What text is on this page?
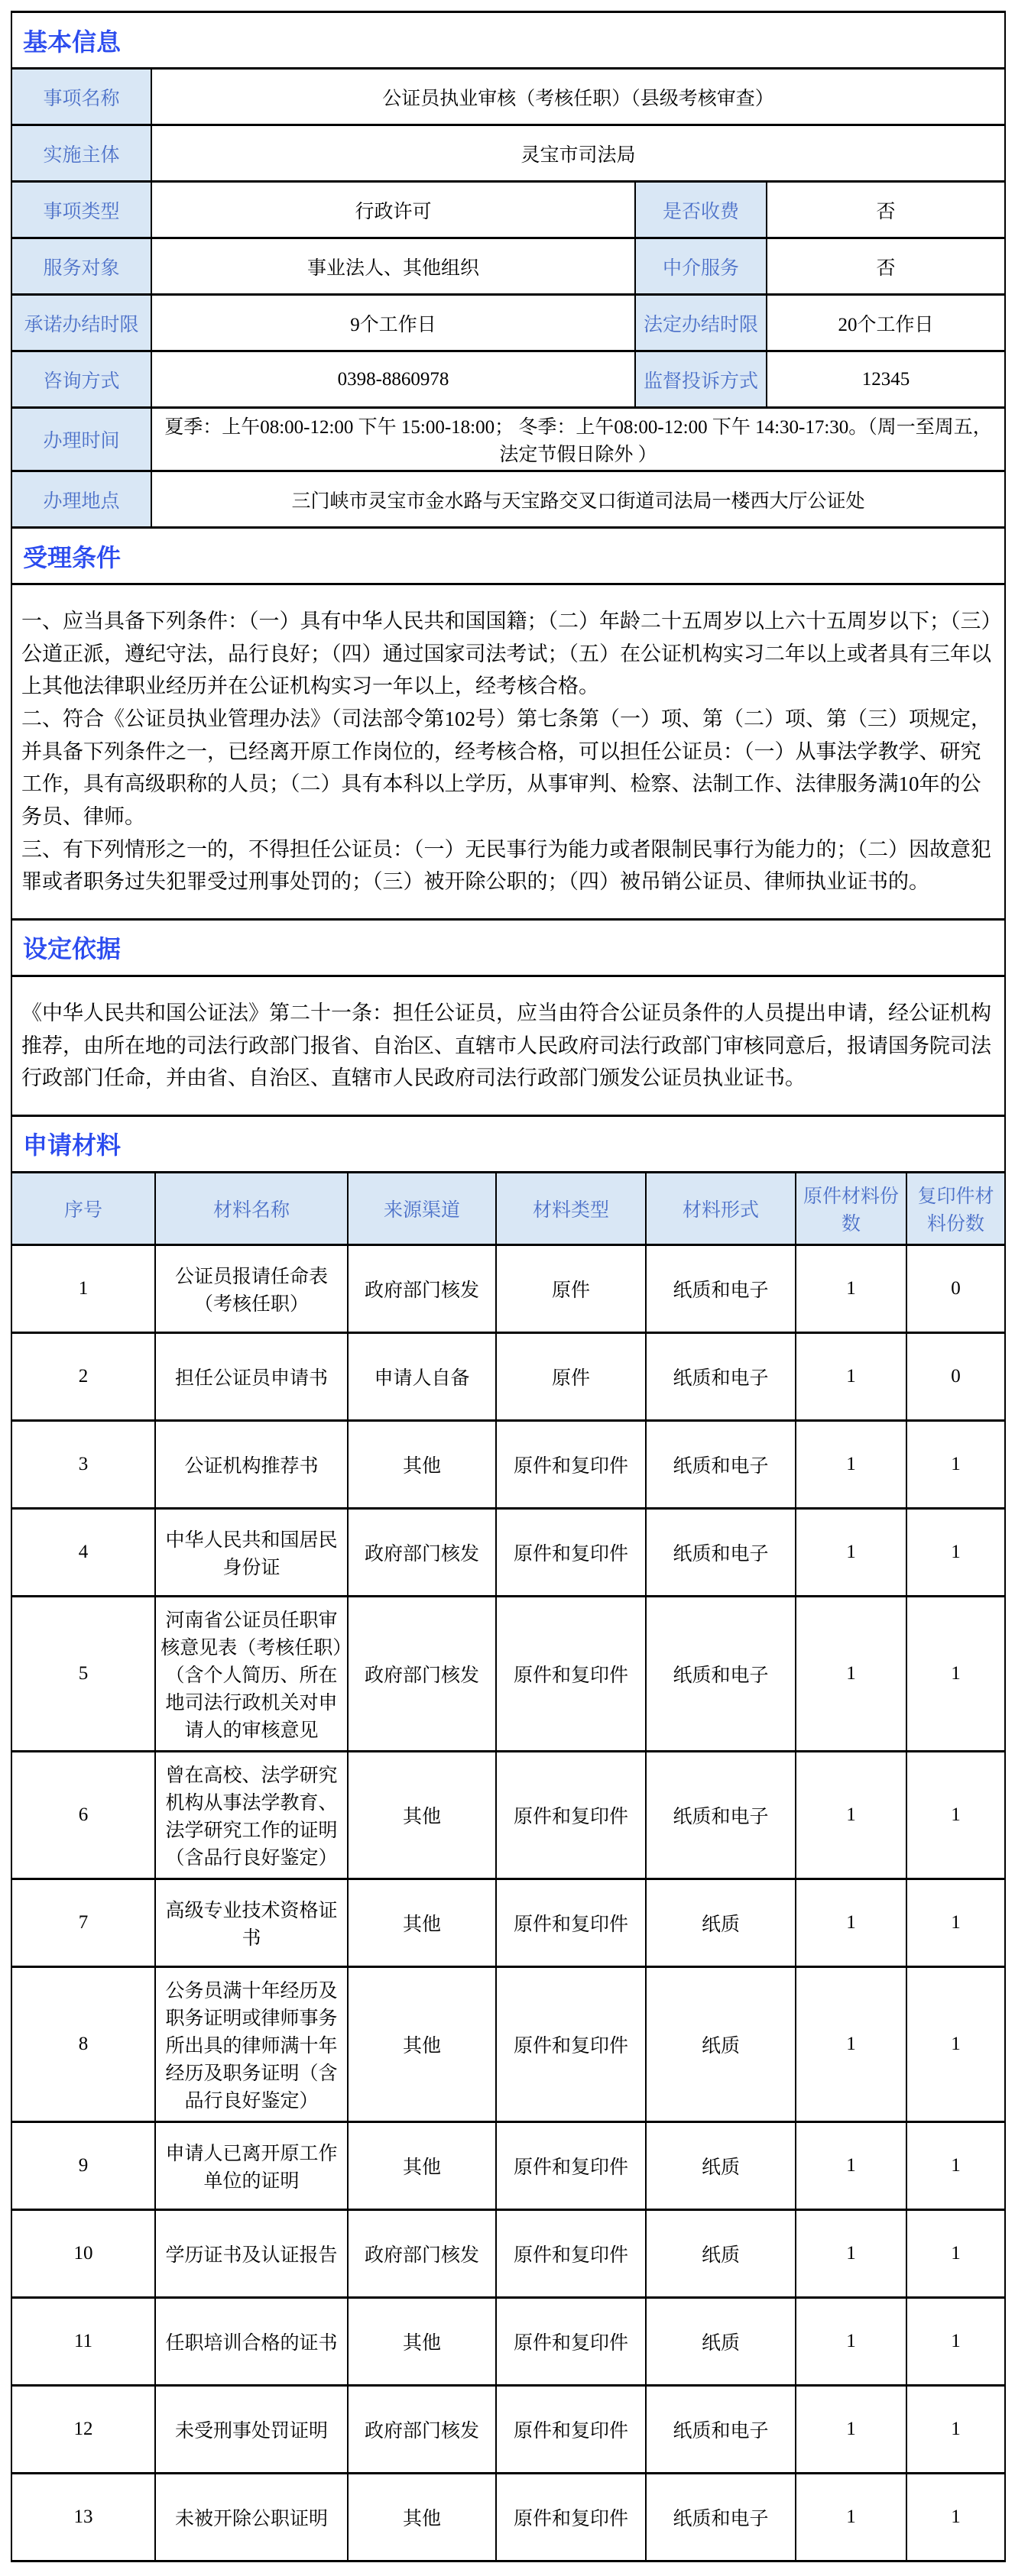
基本信息			
事项名称	公证员执业审核（考核任职）（县级考核审查）		
实施主体	灵宝市司法局		
事项类型	行政许可	是否收费	否
服务对象	事业法人、其他组织	中介服务	否
承诺办结时限	9个工作日	法定办结时限	20个工作日
咨询方式	0398-8860978	监督投诉方式	12345
办理时间	夏季：上午08:00-12:00 下午 15:00-18:00； 冬季：上午08:00-12:00 下午 14:30-17:30。（周一至周五，法定节假日除外 ）		
办理地点	三门峡市灵宝市金水路与天宝路交叉口街道司法局一楼西大厅公证处		
受理条件

一、应当具备下列条件：（一）具有中华人民共和国国籍；（二）年龄二十五周岁以上六十五周岁以下；（三）公道正派，遵纪守法，品行良好；（四）通过国家司法考试；（五）在公证机构实习二年以上或者具有三年以上其他法律职业经历并在公证机构实习一年以上，经考核合格。

二、符合《公证员执业管理办法》（司法部令第102号）第七条第（一）项、第（二）项、第（三）项规定，并具备下列条件之一，已经离开原工作岗位的，经考核合格，可以担任公证员：（一）从事法学教学、研究工作，具有高级职称的人员；（二）具有本科以上学历，从事审判、检察、法制工作、法律服务满10年的公务员、律师。

三、有下列情形之一的，不得担任公证员：（一）无民事行为能力或者限制民事行为能力的；（二）因故意犯罪或者职务过失犯罪受过刑事处罚的；（三）被开除公职的；（四）被吊销公证员、律师执业证书的。

设定依据

《中华人民共和国公证法》第二十一条：担任公证员，应当由符合公证员条件的人员提出申请，经公证机构推荐，由所在地的司法行政部门报省、自治区、直辖市人民政府司法行政部门审核同意后，报请国务院司法行政部门任命，并由省、自治区、直辖市人民政府司法行政部门颁发公证员执业证书。

申请材料
序号	材料名称	来源渠道	材料类型	材料形式	原件材料份数	复印件材料份数
1	公证员报请任命表（考核任职）	政府部门核发	原件	纸质和电子	1	0
2	担任公证员申请书	申请人自备	原件	纸质和电子	1	0
3	公证机构推荐书	其他	原件和复印件	纸质和电子	1	1
4	中华人民共和国居民身份证	政府部门核发	原件和复印件	纸质和电子	1	1
5	河南省公证员任职审核意见表（考核任职）（含个人简历、所在地司法行政机关对申请人的审核意见	政府部门核发	原件和复印件	纸质和电子	1	1
6	曾在高校、法学研究机构从事法学教育、法学研究工作的证明（含品行良好鉴定）	其他	原件和复印件	纸质和电子	1	1
7	高级专业技术资格证书	其他	原件和复印件	纸质	1	1
8	公务员满十年经历及职务证明或律师事务所出具的律师满十年经历及职务证明（含品行良好鉴定）	其他	原件和复印件	纸质	1	1
9	申请人已离开原工作单位的证明	其他	原件和复印件	纸质	1	1
10	学历证书及认证报告	政府部门核发	原件和复印件	纸质	1	1
11	任职培训合格的证书	其他	原件和复印件	纸质	1	1
12	未受刑事处罚证明	政府部门核发	原件和复印件	纸质和电子	1	1
13	未被开除公职证明	其他	原件和复印件	纸质和电子	1	1
